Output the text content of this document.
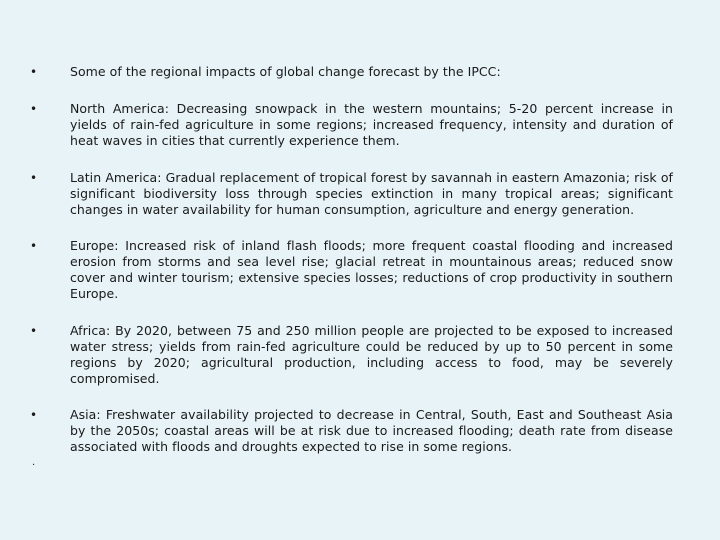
•	Some of the regional impacts of global change forecast by the IPCC:
•	North America: Decreasing snowpack in the western mountains; 5-20 percent increase in yields of rain-fed agriculture in some regions; increased frequency, intensity and duration of heat waves in cities that currently experience them.
•	Latin America: Gradual replacement of tropical forest by savannah in eastern Amazonia; risk of significant biodiversity loss through species extinction in many tropical areas; significant changes in water availability for human consumption, agriculture and energy generation.
•	Europe: Increased risk of inland flash floods; more frequent coastal flooding and increased erosion from storms and sea level rise; glacial retreat in mountainous areas; reduced snow cover and winter tourism; extensive species losses; reductions of crop productivity in southern Europe.
•	Africa: By 2020, between 75 and 250 million people are projected to be exposed to increased water stress; yields from rain-fed agriculture could be reduced by up to 50 percent in some regions by 2020; agricultural production, including access to food, may be severely compromised.
•	Asia: Freshwater availability projected to decrease in Central, South, East and Southeast Asia by the 2050s; coastal areas will be at risk due to increased flooding; death rate from disease associated with floods and droughts expected to rise in some regions.
.
